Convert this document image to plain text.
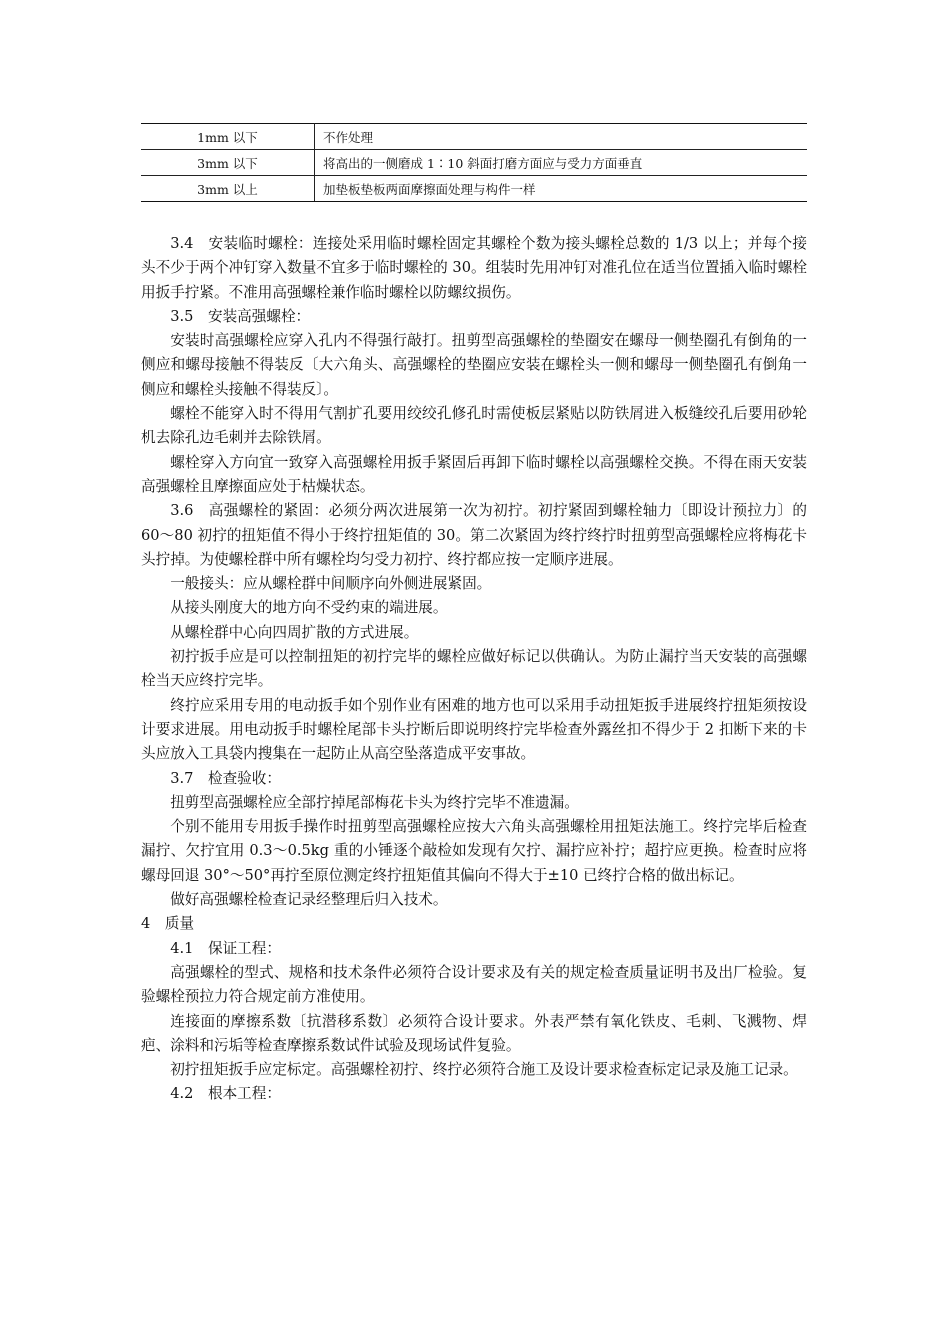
1mm 以下	不作处理
3mm 以下	将高出的一侧磨成 1∶10 斜面打磨方面应与受力方面垂直
3mm 以上	加垫板垫板两面摩擦面处理与构件一样

3.4　安装临时螺栓：连接处采用临时螺栓固定其螺栓个数为接头螺栓总数的 1/3 以上；并每个接头不少于两个冲钉穿入数量不宜多于临时螺栓的 30。组装时先用冲钉对准孔位在适当位置插入临时螺栓用扳手拧紧。不准用高强螺栓兼作临时螺栓以防螺纹损伤。

3.5　安装高强螺栓：

安装时高强螺栓应穿入孔内不得强行敲打。扭剪型高强螺栓的垫圈安在螺母一侧垫圈孔有倒角的一侧应和螺母接触不得装反〔大六角头、高强螺栓的垫圈应安装在螺栓头一侧和螺母一侧垫圈孔有倒角一侧应和螺栓头接触不得装反〕。

螺栓不能穿入时不得用气割扩孔要用绞绞孔修孔时需使板层紧贴以防铁屑进入板缝绞孔后要用砂轮机去除孔边毛刺并去除铁屑。

螺栓穿入方向宜一致穿入高强螺栓用扳手紧固后再卸下临时螺栓以高强螺栓交换。不得在雨天安装高强螺栓且摩擦面应处于枯燥状态。

3.6　高强螺栓的紧固：必须分两次进展第一次为初拧。初拧紧固到螺栓轴力〔即设计预拉力〕的 60～80 初拧的扭矩值不得小于终拧扭矩值的 30。第二次紧固为终拧终拧时扭剪型高强螺栓应将梅花卡头拧掉。为使螺栓群中所有螺栓均匀受力初拧、终拧都应按一定顺序进展。

一般接头：应从螺栓群中间顺序向外侧进展紧固。

从接头刚度大的地方向不受约束的端进展。

从螺栓群中心向四周扩散的方式进展。

初拧扳手应是可以控制扭矩的初拧完毕的螺栓应做好标记以供确认。为防止漏拧当天安装的高强螺栓当天应终拧完毕。

终拧应采用专用的电动扳手如个别作业有困难的地方也可以采用手动扭矩扳手进展终拧扭矩须按设计要求进展。用电动扳手时螺栓尾部卡头拧断后即说明终拧完毕检查外露丝扣不得少于 2 扣断下来的卡头应放入工具袋内搜集在一起防止从高空坠落造成平安事故。

3.7　检查验收：

扭剪型高强螺栓应全部拧掉尾部梅花卡头为终拧完毕不准遗漏。

个别不能用专用扳手操作时扭剪型高强螺栓应按大六角头高强螺栓用扭矩法施工。终拧完毕后检查漏拧、欠拧宜用 0.3～0.5kg 重的小锤逐个敲检如发现有欠拧、漏拧应补拧；超拧应更换。检查时应将螺母回退 30°～50°再拧至原位测定终拧扭矩值其偏向不得大于±10 已终拧合格的做出标记。

做好高强螺栓检查记录经整理后归入技术。

4　质量

4.1　保证工程：

高强螺栓的型式、规格和技术条件必须符合设计要求及有关的规定检查质量证明书及出厂检验。复验螺栓预拉力符合规定前方准使用。

连接面的摩擦系数〔抗潜移系数〕必须符合设计要求。外表严禁有氧化铁皮、毛刺、飞溅物、焊疤、涂料和污垢等检查摩擦系数试件试验及现场试件复验。

初拧扭矩扳手应定标定。高强螺栓初拧、终拧必须符合施工及设计要求检查标定记录及施工记录。

4.2　根本工程：
